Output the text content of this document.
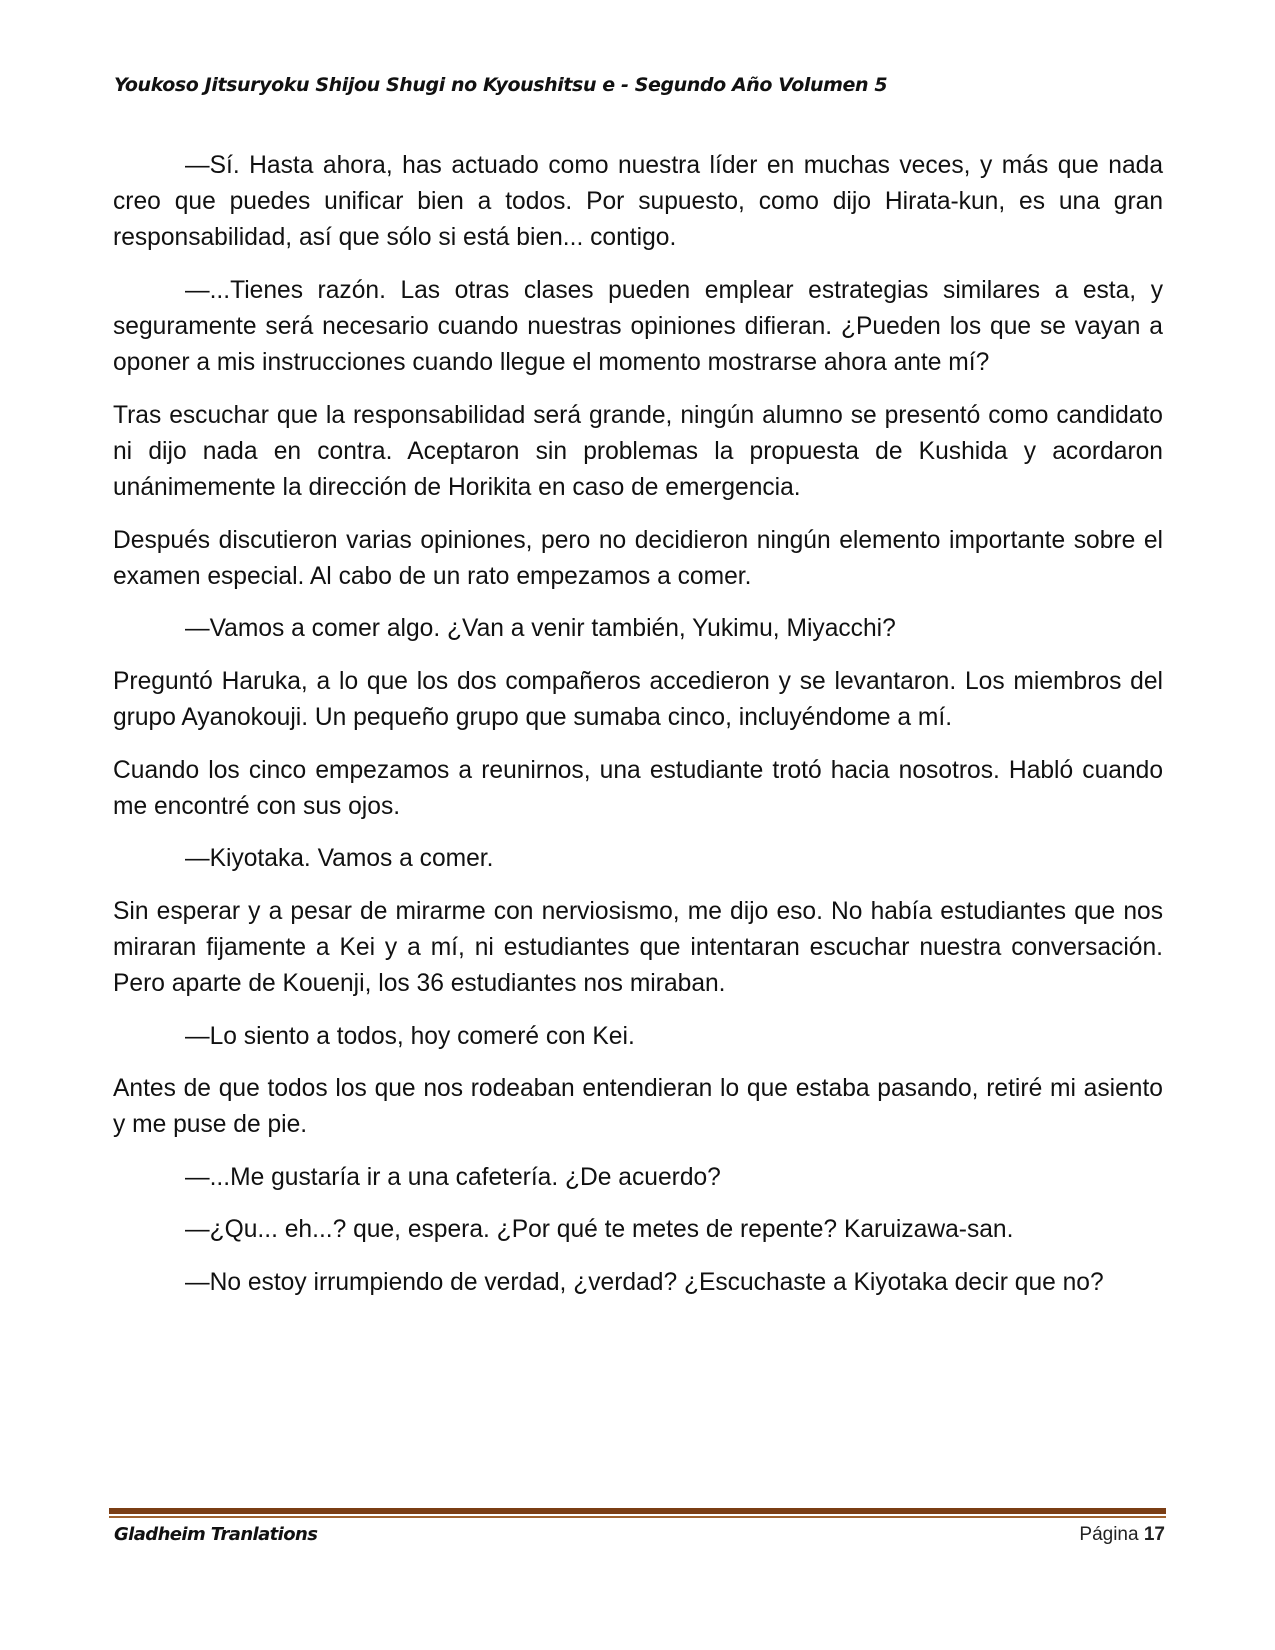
Youkoso Jitsuryoku Shijou Shugi no Kyoushitsu e - Segundo Año Volumen 5

—Sí. Hasta ahora, has actuado como nuestra líder en muchas veces, y más que nada creo que puedes unificar bien a todos. Por supuesto, como dijo Hirata-kun, es una gran responsabilidad, así que sólo si está bien... contigo.

—...Tienes razón. Las otras clases pueden emplear estrategias similares a esta, y seguramente será necesario cuando nuestras opiniones difieran. ¿Pueden los que se vayan a oponer a mis instrucciones cuando llegue el momento mostrarse ahora ante mí?

Tras escuchar que la responsabilidad será grande, ningún alumno se presentó como candidato ni dijo nada en contra. Aceptaron sin problemas la propuesta de Kushida y acordaron unánimemente la dirección de Horikita en caso de emergencia.

Después discutieron varias opiniones, pero no decidieron ningún elemento importante sobre el examen especial. Al cabo de un rato empezamos a comer.

—Vamos a comer algo. ¿Van a venir también, Yukimu, Miyacchi?

Preguntó Haruka, a lo que los dos compañeros accedieron y se levantaron. Los miembros del grupo Ayanokouji. Un pequeño grupo que sumaba cinco, incluyéndome a mí.

Cuando los cinco empezamos a reunirnos, una estudiante trotó hacia nosotros. Habló cuando me encontré con sus ojos.

—Kiyotaka. Vamos a comer.

Sin esperar y a pesar de mirarme con nerviosismo, me dijo eso. No había estudiantes que nos miraran fijamente a Kei y a mí, ni estudiantes que intentaran escuchar nuestra conversación. Pero aparte de Kouenji, los 36 estudiantes nos miraban.

—Lo siento a todos, hoy comeré con Kei.

Antes de que todos los que nos rodeaban entendieran lo que estaba pasando, retiré mi asiento y me puse de pie.

—...Me gustaría ir a una cafetería. ¿De acuerdo?

—¿Qu... eh...? que, espera. ¿Por qué te metes de repente? Karuizawa-san.

—No estoy irrumpiendo de verdad, ¿verdad? ¿Escuchaste a Kiyotaka decir que no?

Gladheim Tranlations	Página 17
